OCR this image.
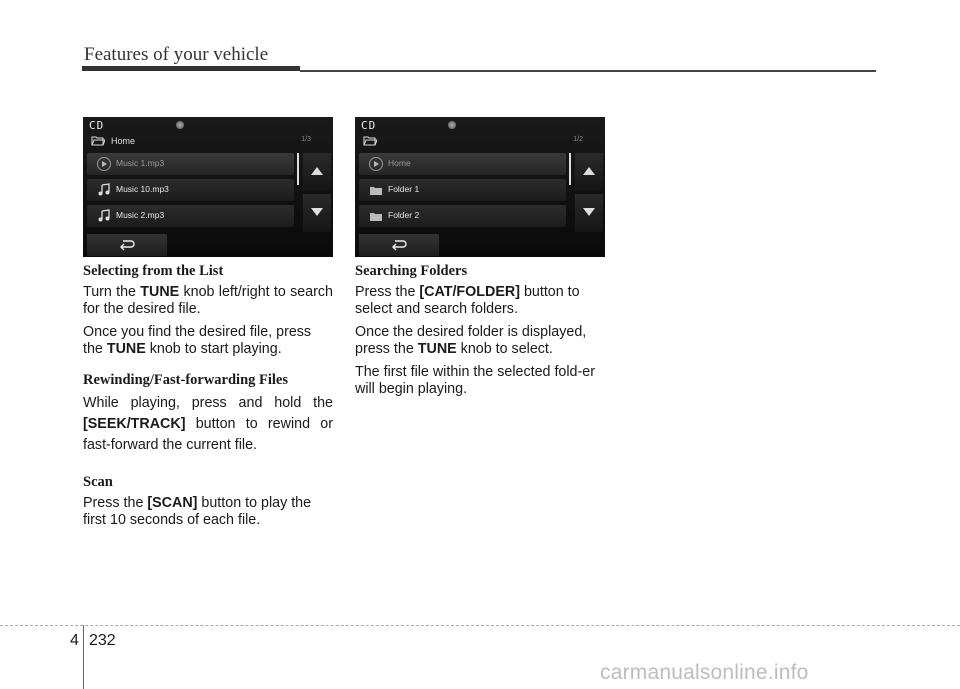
Features of your vehicle
CD
Home	1/3
Music 1.mp3
Music 10.mp3
Music 2.mp3
CD
1/2
Home
Folder 1
Folder 2
Selecting from the List

Turn the TUNE knob left/right to search for the desired file.

Once you find the desired file, press the TUNE knob to start playing.

Rewinding/Fast-forwarding Files

While playing, press and hold the [SEEK/TRACK] button to rewind or fast-forward the current file.

Scan

Press the [SCAN] button to play the first 10 seconds of each file.

Searching Folders

Press the [CAT/FOLDER] button to select and search folders.

Once the desired folder is displayed, press the TUNE knob to select.

The first file within the selected fold-er will begin playing.

4 232
carmanualsonline.info
